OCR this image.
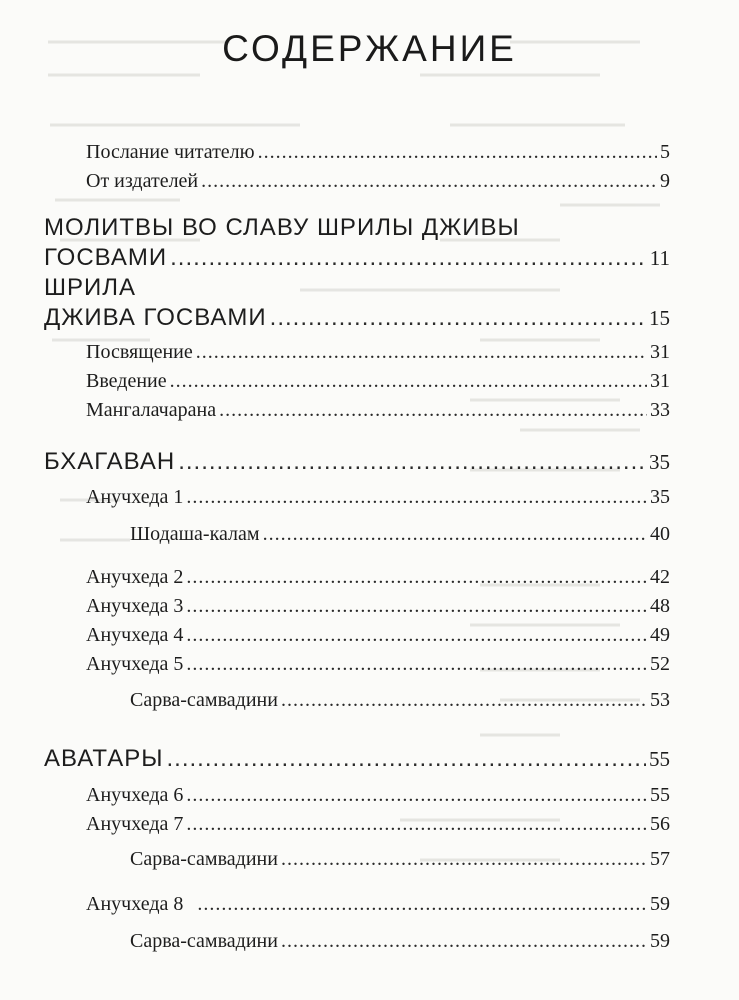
СОДЕРЖАНИЕ
Послание читателю .....	5
От издателей .....	9
МОЛИТВЫ ВО СЛАВУ ШРИЛЫ ДЖИВЫ
ГОСВАМИ .....	11
ШРИЛА
ДЖИВА ГОСВАМИ .....	15
Посвящение .....	31
Введение .....	31
Мангалачарана .....	33
БХАГАВАН .....	35
Анучхеда 1 .....	35
Шодаша-калам .....	40
Анучхеда 2 .....	42
Анучхеда 3 .....	48
Анучхеда 4 .....	49
Анучхеда 5 .....	52
Сарва-самвадини .....	53
АВАТАРЫ .....	55
Анучхеда 6 .....	55
Анучхеда 7 .....	56
Сарва-самвадини .....	57
Анучхеда 8 .....	59
Сарва-самвадини .....	59
